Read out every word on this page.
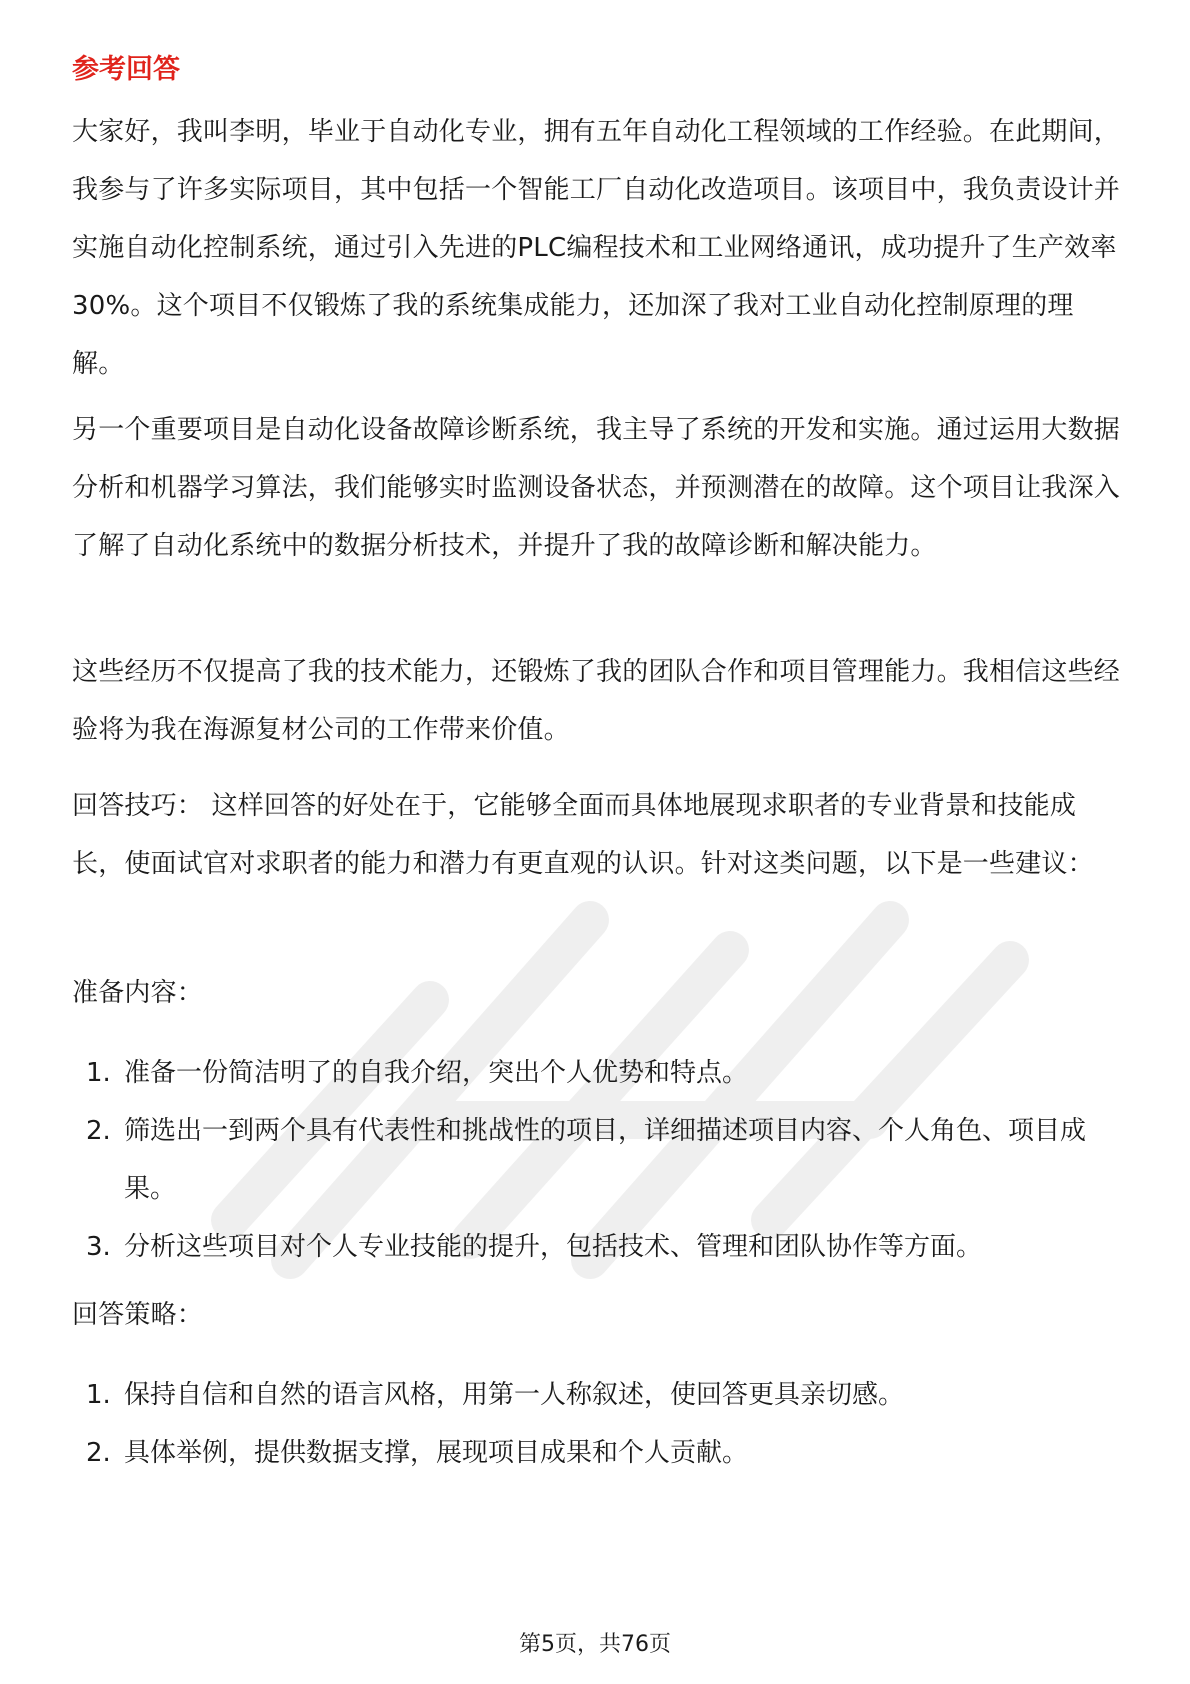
参考回答

大家好，我叫李明，毕业于自动化专业，拥有五年自动化工程领域的工作经验。在此期间，我参与了许多实际项目，其中包括一个智能工厂自动化改造项目。该项目中，我负责设计并实施自动化控制系统，通过引入先进的PLC编程技术和工业网络通讯，成功提升了生产效率30%。这个项目不仅锻炼了我的系统集成能力，还加深了我对工业自动化控制原理的理解。

另一个重要项目是自动化设备故障诊断系统，我主导了系统的开发和实施。通过运用大数据分析和机器学习算法，我们能够实时监测设备状态，并预测潜在的故障。这个项目让我深入了解了自动化系统中的数据分析技术，并提升了我的故障诊断和解决能力。

这些经历不仅提高了我的技术能力，还锻炼了我的团队合作和项目管理能力。我相信这些经验将为我在海源复材公司的工作带来价值。

回答技巧： 这样回答的好处在于，它能够全面而具体地展现求职者的专业背景和技能成长，使面试官对求职者的能力和潜力有更直观的认识。针对这类问题，以下是一些建议：

准备内容：

1. 准备一份简洁明了的自我介绍，突出个人优势和特点。
2. 筛选出一到两个具有代表性和挑战性的项目，详细描述项目内容、个人角色、项目成果。
3. 分析这些项目对个人专业技能的提升，包括技术、管理和团队协作等方面。

回答策略：

1. 保持自信和自然的语言风格，用第一人称叙述，使回答更具亲切感。
2. 具体举例，提供数据支撑，展现项目成果和个人贡献。
第5页，共76页
